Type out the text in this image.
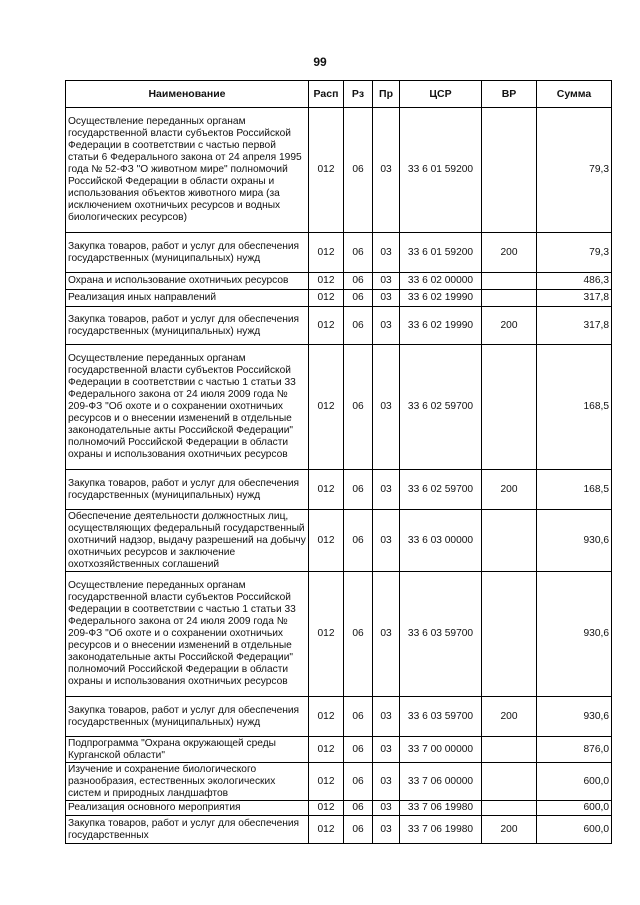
99
Наименование	Расп	Рз	Пр	ЦСР	ВР	Сумма
Осуществление переданных органам государственной власти субъектов Российской Федерации в соответствии с частью первой статьи 6 Федерального закона от 24 апреля 1995 года № 52-ФЗ "О животном мире" полномочий Российской Федерации в области охраны и использования объектов животного мира (за исключением охотничьих ресурсов и водных биологических ресурсов)	012	06	03	33 6 01 59200		79,3
Закупка товаров, работ и услуг для обеспечения государственных (муниципальных) нужд	012	06	03	33 6 01 59200	200	79,3
Охрана и использование охотничьих ресурсов	012	06	03	33 6 02 00000		486,3
Реализация иных направлений	012	06	03	33 6 02 19990		317,8
Закупка товаров, работ и услуг для обеспечения государственных (муниципальных) нужд	012	06	03	33 6 02 19990	200	317,8
Осуществление переданных органам государственной власти субъектов Российской Федерации в соответствии с частью 1 статьи 33 Федерального закона от 24 июля 2009 года № 209-ФЗ "Об охоте и о сохранении охотничьих ресурсов и о внесении изменений в отдельные законодательные акты Российской Федерации" полномочий Российской Федерации в области охраны и использования охотничьих ресурсов	012	06	03	33 6 02 59700		168,5
Закупка товаров, работ и услуг для обеспечения государственных (муниципальных) нужд	012	06	03	33 6 02 59700	200	168,5
Обеспечение деятельности должностных лиц, осуществляющих федеральный государственный охотничий надзор, выдачу разрешений на добычу охотничьих ресурсов и заключение охотхозяйственных соглашений	012	06	03	33 6 03 00000		930,6
Осуществление переданных органам государственной власти субъектов Российской Федерации в соответствии с частью 1 статьи 33 Федерального закона от 24 июля 2009 года № 209-ФЗ "Об охоте и о сохранении охотничьих ресурсов и о внесении изменений в отдельные законодательные акты Российской Федерации" полномочий Российской Федерации в области охраны и использования охотничьих ресурсов	012	06	03	33 6 03 59700		930,6
Закупка товаров, работ и услуг для обеспечения государственных (муниципальных) нужд	012	06	03	33 6 03 59700	200	930,6
Подпрограмма "Охрана окружающей среды Курганской области"	012	06	03	33 7 00 00000		876,0
Изучение и сохранение биологического разнообразия, естественных экологических систем и природных ландшафтов	012	06	03	33 7 06 00000		600,0
Реализация основного мероприятия	012	06	03	33 7 06 19980		600,0
Закупка товаров, работ и услуг для обеспечения государственных	012	06	03	33 7 06 19980	200	600,0
